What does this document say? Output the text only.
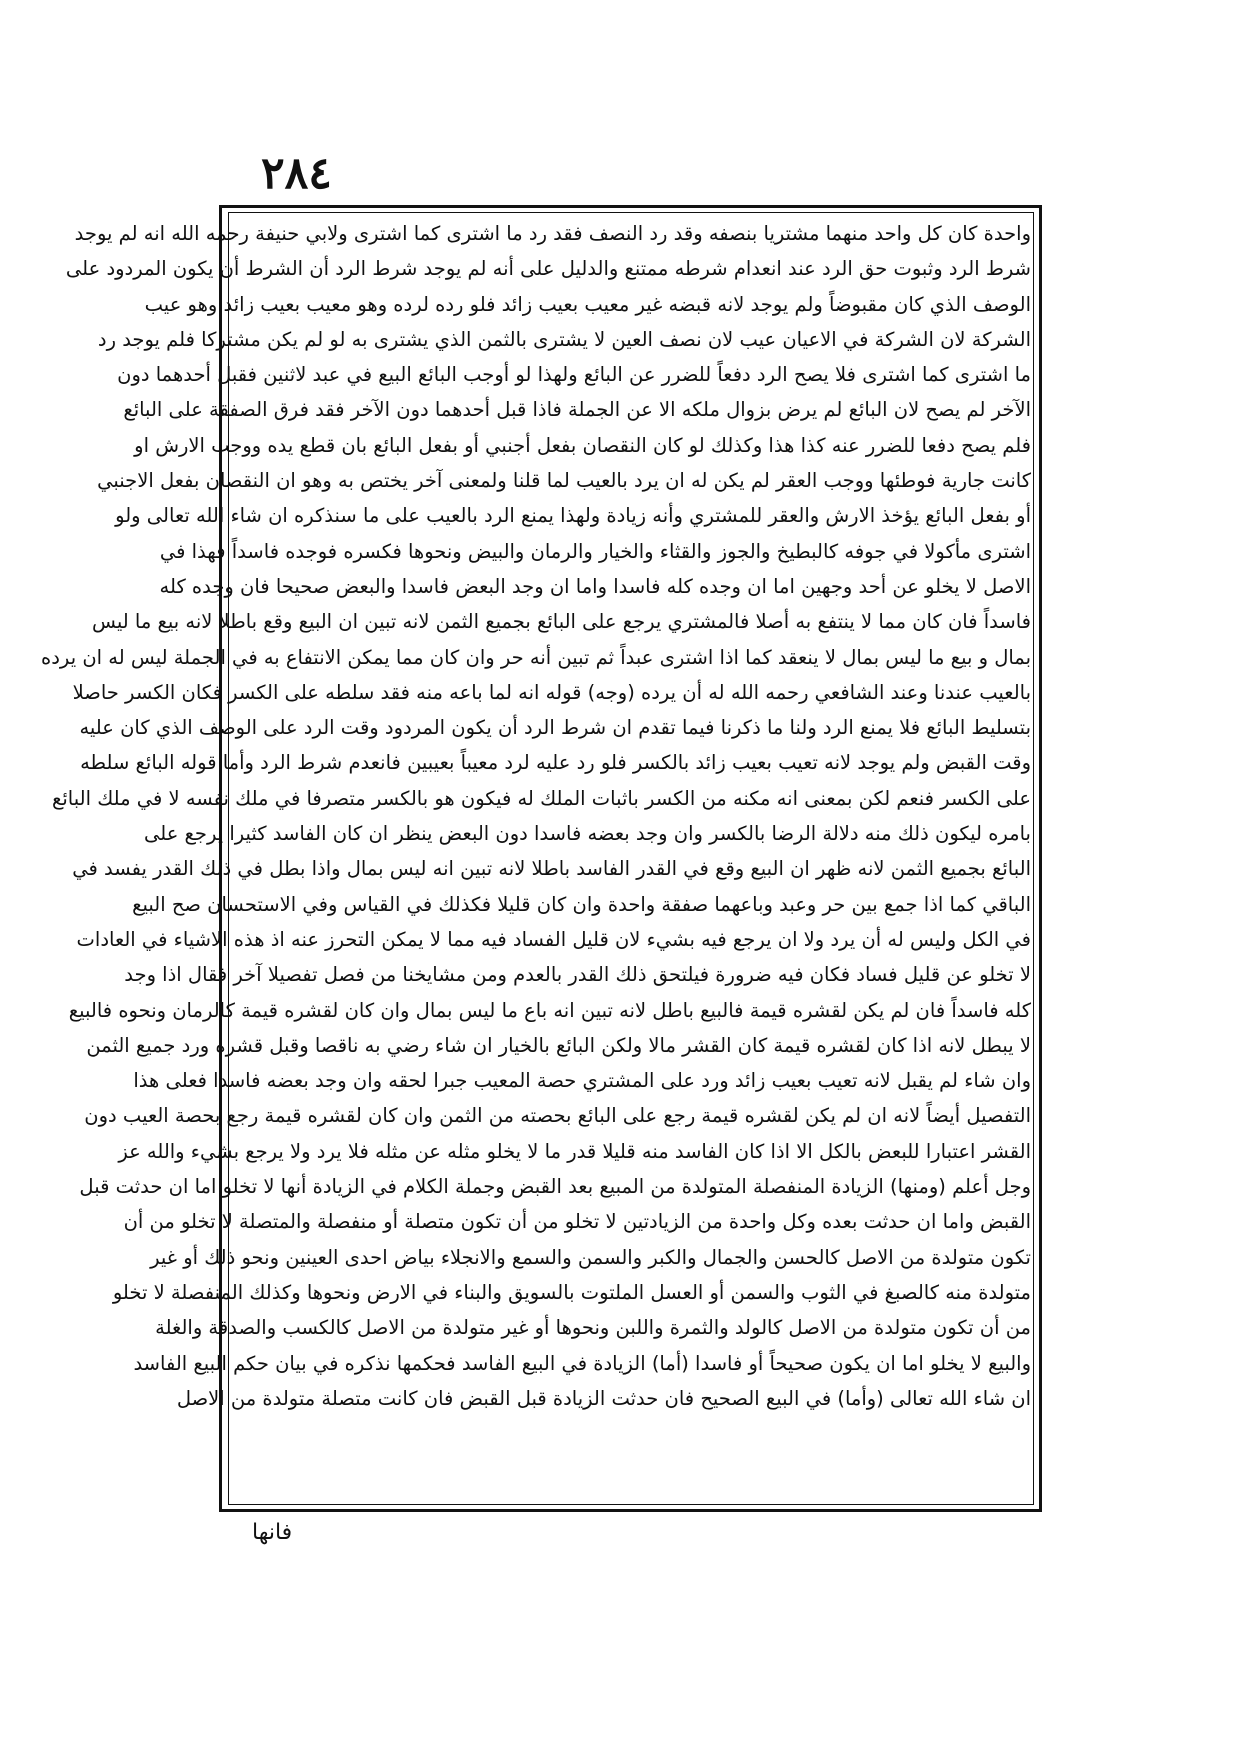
٢٨٤
واحدة كان كل واحد منهما مشتريا بنصفه وقد رد النصف فقد رد ما اشترى كما اشترى ولابي حنيفة رحمه الله انه لم يوجد
شرط الرد وثبوت حق الرد عند انعدام شرطه ممتنع والدليل على أنه لم يوجد شرط الرد أن الشرط أن يكون المردود على
الوصف الذي كان مقبوضاً ولم يوجد لانه قبضه غير معيب بعيب زائد فلو رده لرده وهو معيب بعيب زائد وهو عيب
الشركة لان الشركة في الاعيان عيب لان نصف العين لا يشترى بالثمن الذي يشترى به لو لم يكن مشتركا فلم يوجد رد
ما اشترى كما اشترى فلا يصح الرد دفعاً للضرر عن البائع ولهذا لو أوجب البائع البيع في عبد لاثنين فقبل أحدهما دون
الآخر لم يصح لان البائع لم يرض بزوال ملكه الا عن الجملة فاذا قبل أحدهما دون الآخر فقد فرق الصفقة على البائع
فلم يصح دفعا للضرر عنه كذا هذا وكذلك لو كان النقصان بفعل أجنبي أو بفعل البائع بان قطع يده ووجب الارش او
كانت جارية فوطئها ووجب العقر لم يكن له ان يرد بالعيب لما قلنا ولمعنى آخر يختص به وهو ان النقصان بفعل الاجنبي
أو بفعل البائع يؤخذ الارش والعقر للمشتري وأنه زيادة ولهذا يمنع الرد بالعيب على ما سنذكره ان شاء الله تعالى ولو
اشترى مأكولا في جوفه كالبطيخ والجوز والقثاء والخيار والرمان والبيض ونحوها فكسره فوجده فاسداً فهذا في
الاصل لا يخلو عن أحد وجهين اما ان وجده كله فاسدا واما ان وجد البعض فاسدا والبعض صحيحا فان وجده كله
فاسداً فان كان مما لا ينتفع به أصلا فالمشتري يرجع على البائع بجميع الثمن لانه تبين ان البيع وقع باطلا لانه بيع ما ليس
بمال و بيع ما ليس بمال لا ينعقد كما اذا اشترى عبداً ثم تبين أنه حر وان كان مما يمكن الانتفاع به في الجملة ليس له ان يرده
بالعيب عندنا وعند الشافعي رحمه الله له أن يرده (وجه) قوله انه لما باعه منه فقد سلطه على الكسر فكان الكسر حاصلا
بتسليط البائع فلا يمنع الرد ولنا ما ذكرنا فيما تقدم ان شرط الرد أن يكون المردود وقت الرد على الوصف الذي كان عليه
وقت القبض ولم يوجد لانه تعيب بعيب زائد بالكسر فلو رد عليه لرد معيباً بعيبين فانعدم شرط الرد وأما قوله البائع سلطه
على الكسر فنعم لكن بمعنى انه مكنه من الكسر باثبات الملك له فيكون هو بالكسر متصرفا في ملك نفسه لا في ملك البائع
بامره ليكون ذلك منه دلالة الرضا بالكسر وان وجد بعضه فاسدا دون البعض ينظر ان كان الفاسد كثيرا يرجع على
البائع بجميع الثمن لانه ظهر ان البيع وقع في القدر الفاسد باطلا لانه تبين انه ليس بمال واذا بطل في ذلك القدر يفسد في
الباقي كما اذا جمع بين حر وعبد وباعهما صفقة واحدة وان كان قليلا فكذلك في القياس وفي الاستحسان صح البيع
في الكل وليس له أن يرد ولا ان يرجع فيه بشيء لان قليل الفساد فيه مما لا يمكن التحرز عنه اذ هذه الاشياء في العادات
لا تخلو عن قليل فساد فكان فيه ضرورة فيلتحق ذلك القدر بالعدم ومن مشايخنا من فصل تفصيلا آخر فقال اذا وجد
كله فاسداً فان لم يكن لقشره قيمة فالبيع باطل لانه تبين انه باع ما ليس بمال وان كان لقشره قيمة كالرمان ونحوه فالبيع
لا يبطل لانه اذا كان لقشره قيمة كان القشر مالا ولكن البائع بالخيار ان شاء رضي به ناقصا وقبل قشره ورد جميع الثمن
وان شاء لم يقبل لانه تعيب بعيب زائد ورد على المشتري حصة المعيب جبرا لحقه وان وجد بعضه فاسدا فعلى هذا
التفصيل أيضاً لانه ان لم يكن لقشره قيمة رجع على البائع بحصته من الثمن وان كان لقشره قيمة رجع بحصة العيب دون
القشر اعتبارا للبعض بالكل الا اذا كان الفاسد منه قليلا قدر ما لا يخلو مثله عن مثله فلا يرد ولا يرجع بشيء والله عز
وجل أعلم (ومنها) الزيادة المنفصلة المتولدة من المبيع بعد القبض وجملة الكلام في الزيادة أنها لا تخلو اما ان حدثت قبل
القبض واما ان حدثت بعده وكل واحدة من الزيادتين لا تخلو من أن تكون متصلة أو منفصلة والمتصلة لا تخلو من أن
تكون متولدة من الاصل كالحسن والجمال والكبر والسمن والسمع والانجلاء بياض احدى العينين ونحو ذلك أو غير
متولدة منه كالصبغ في الثوب والسمن أو العسل الملتوت بالسويق والبناء في الارض ونحوها وكذلك المنفصلة لا تخلو
من أن تكون متولدة من الاصل كالولد والثمرة واللبن ونحوها أو غير متولدة من الاصل كالكسب والصدقة والغلة
والبيع لا يخلو اما ان يكون صحيحاً أو فاسدا (أما) الزيادة في البيع الفاسد فحكمها نذكره في بيان حكم البيع الفاسد
ان شاء الله تعالى (وأما) في البيع الصحيح فان حدثت الزيادة قبل القبض فان كانت متصلة متولدة من الاصل
فانها
